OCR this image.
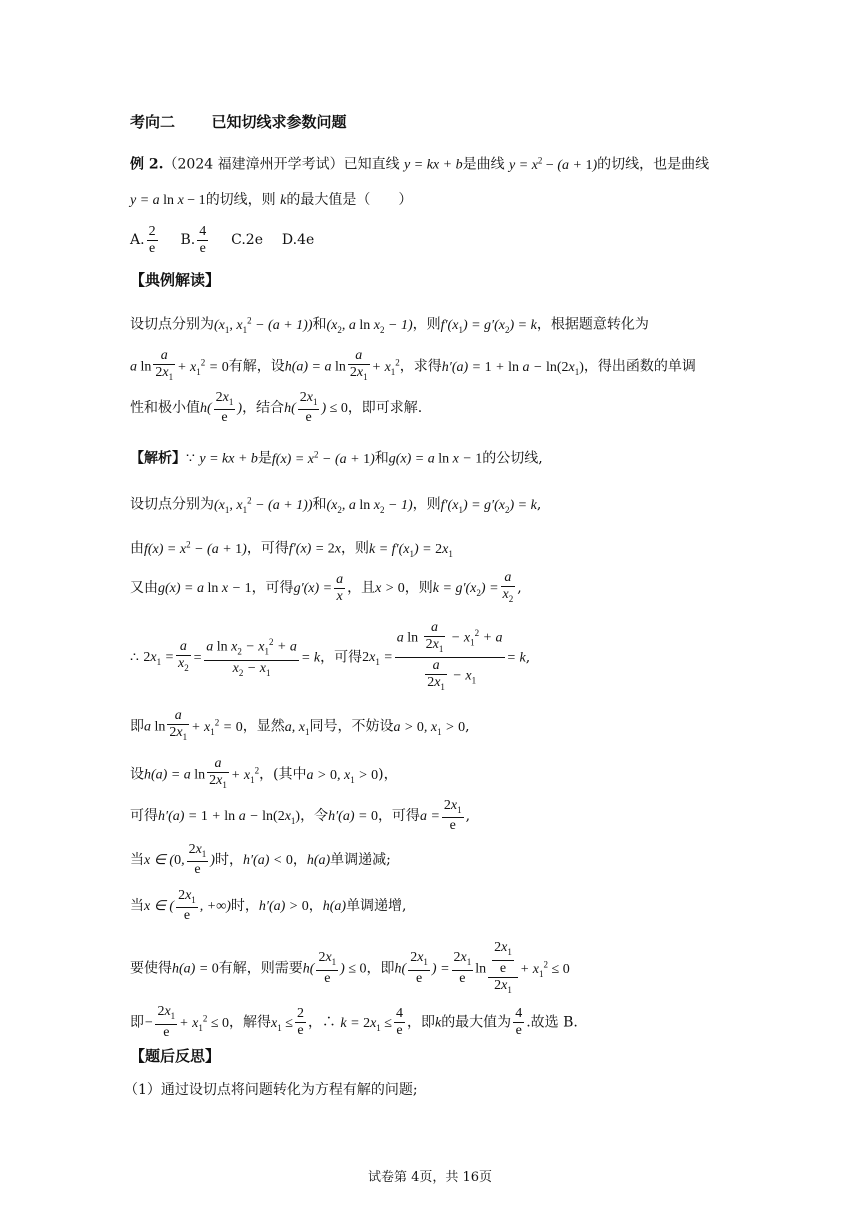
考向二 已知切线求参数问题
例 2.（2024 福建漳州开学考试）已知直线 y = kx + b是曲线 $y = x^2 - (a + 1)$的切线，也是曲线
y = a ln x − 1的切线，则 k的最大值是（　　）
A. $\frac{2}{e} B$. $\frac{4}{e} C.2e$ D.4e
【典例解读】
设切点分别为($x_1$, $x_1^2 - (a + 1)$)和($x_2$, a $\ln x_2 - 1$)，则$f'(x_1) = g'(x_2) = k$，根据题意转化为
a $\ln \frac{a}{2x_1} + x_1^2 = 0$有解，设h(a) = a $\ln \frac{a}{2x_1} + x_1^2$，求得$h'(a) = 1 + \ln a - \ln(2x_1)$，得出函数的单调
性和极小值$h( \frac{2x_1}{e}$ )，结合$h( \frac{2x_1}{e}$ ) ≤ 0，即可求解.
【解析】∵ y = kx + b是$f(x) = x^2 - (a + 1)$和g(x) = a ln x − 1的公切线,
设切点分别为($x_1$, $x_1^2 - (a + 1)$)和($x_2$, a $\ln x_2 - 1$)，则$f'(x_1) = g'(x_2) = k$,
由$f(x) = x^2 - (a + 1)$，可得f′(x) = 2x，则$k = f'(x_1) = 2x_1$
又由g(x) = a ln x − 1，可得$g'(x) = \frac{a}{x}$ ，且x > 0，则$k = g'(x_2) = \frac{a}{x_2}$ ,
∴ $2x_1 = \frac{a}{x_2} = \frac{a \ln x_2 - x_1^2 + a}{x_2 - x_1} = k$，可得$2x_1 = \frac{a \ln \frac{a}{2x_1} - x_1^2 + a}{\frac{a}{2x_1} - x_1} = k$,
即a $\ln \frac{a}{2x_1} + x_1^2 = 0$，显然a, $x_1$同号，不妨设a > 0, $x_1 > 0$,
设h(a) = a $\ln \frac{a}{2x_1} + x_1^2$，(其中a > 0, $x_1 > 0$)，
可得$h'(a) = 1 + \ln a - \ln(2x_1)$，令h′(a) = 0，可得$a = \frac{2x_1}{e}$ ,
当x ∈ (0, $\frac{2x_1}{e}$ )时，h′(a) < 0，h(a)单调递减;
当x ∈ ( $\frac{2x_1}{e}$ , +∞)时，h′(a) > 0，h(a)单调递增,
要使得h(a) = 0有解，则需要$h( \frac{2x_1}{e}$ ) ≤ 0，即$h( \frac{2x_1}{e}$ ) = $\frac{2x_1}{e}$ $\ln \frac{\frac{2x_1}{e}}{2x_1} + x_1^2 \le 0$
即− $\frac{2x_1}{e} + x_1^2 \le 0$，解得$x_1 \le \frac{2}{e}$ ，∴ $k = 2x_1 \le \frac{4}{e}$ ，即k的最大值为 $\frac{4}{e}$ .故选 B.
【题后反思】
（1）通过设切点将问题转化为方程有解的问题;
试卷第 4页，共 16页
